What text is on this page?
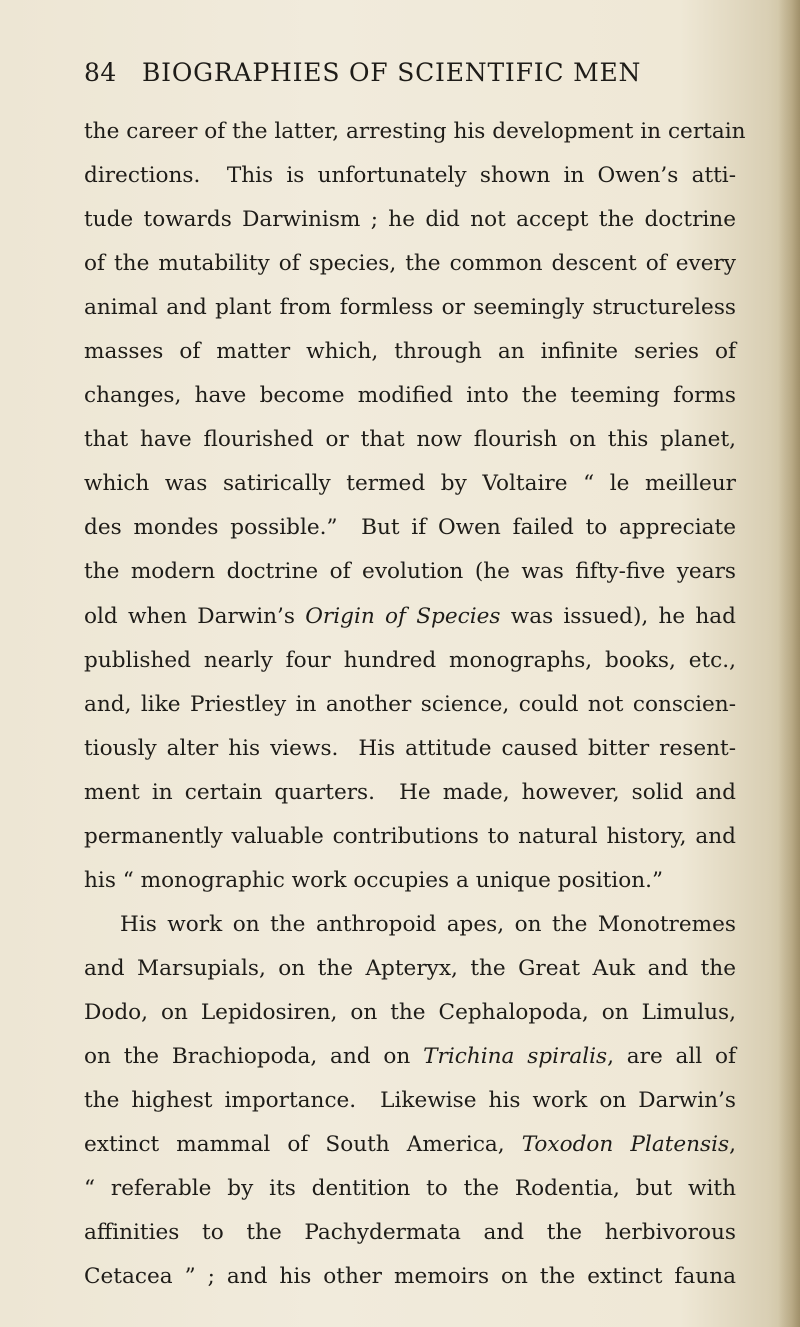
84 BIOGRAPHIES OF SCIENTIFIC MEN
the career of the latter, arresting his development in certain
directions.  This is unfortunately shown in Owen’s atti-
tude towards Darwinism ; he did not accept the doctrine
of the mutability of species, the common descent of every
animal and plant from formless or seemingly structureless
masses of matter which, through an infinite series of
changes, have become modified into the teeming forms
that have flourished or that now flourish on this planet,
which was satirically termed by Voltaire “ le meilleur
des mondes possible.”  But if Owen failed to appreciate
the modern doctrine of evolution (he was fifty-five years
old when Darwin’s Origin of Species was issued), he had
published nearly four hundred monographs, books, etc.,
and, like Priestley in another science, could not conscien-
tiously alter his views.  His attitude caused bitter resent-
ment in certain quarters.  He made, however, solid and
permanently valuable contributions to natural history, and
his “ monographic work occupies a unique position.”
His work on the anthropoid apes, on the Monotremes
and Marsupials, on the Apteryx, the Great Auk and the
Dodo, on Lepidosiren, on the Cephalopoda, on Limulus,
on the Brachiopoda, and on Trichina spiralis, are all of
the highest importance.  Likewise his work on Darwin’s
extinct mammal of South America, Toxodon Platensis,
“ referable by its dentition to the Rodentia, but with
affinities to the Pachydermata and the herbivorous
Cetacea ” ; and his other memoirs on the extinct fauna
